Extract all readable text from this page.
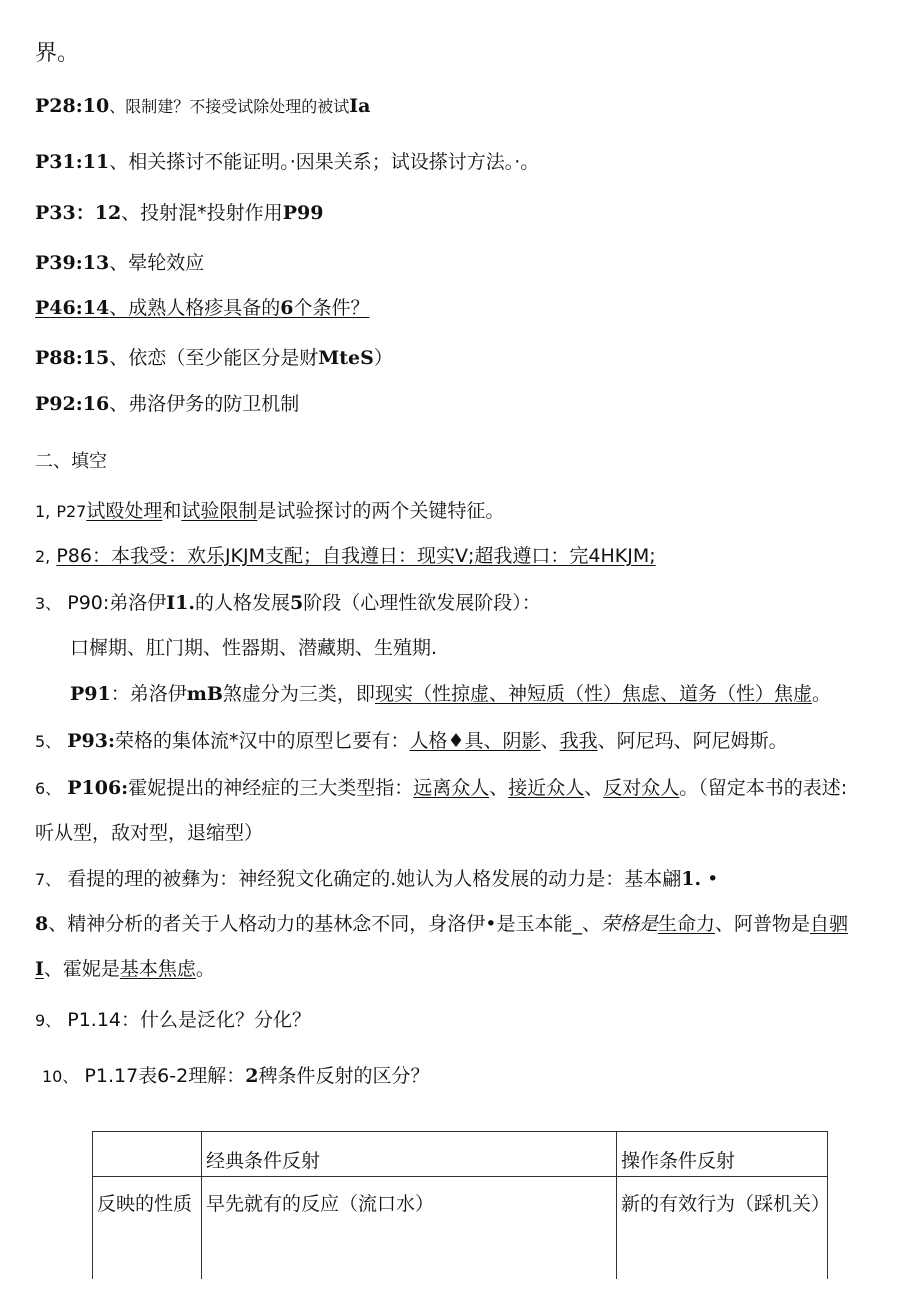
界。
P28:10、限制建？不接受试除处理的被试Ia
P31:11、相关搽讨不能证明。·因果关系；试设搽讨方法。·。
P33：12、投射混*投射作用P99
P39:13、晕轮效应
P46:14、成熟人格疹具备的6个条件？
P88:15、依恋（至少能区分是财MteS）
P92:16、弗洛伊务的防卫机制
二、填空
1, P27试殴处理和试验限制是试验探讨的两个关键特征。
2, P86：本我受：欢乐JKJM支配；自我遵日：现实V;超我遵口：完4HKJM;
3、 P90:弟洛伊I1.的人格发展5阶段（心理性欲发展阶段）：
口樨期、肛门期、性器期、潜藏期、生殖期.
P91：弟洛伊mB煞虚分为三类，即现实（性掠虚、神短质（性）焦虑、道务（性）焦虚。
5、 P93:荣格的集体流*汉中的原型匕要有：人格♦具、阴影、我我、阿尼玛、阿尼姆斯。
6、 P106:霍妮提出的神经症的三大类型指：远离众人、接近众人、反对众人。（留定本书的表述:
听从型，敌对型，退缩型）
7、 看提的理的被彝为：神经猊文化确定的.她认为人格发展的动力是：基本翩1. •
8、精神分析的者关于人格动力的基林念不同，身洛伊•是玉本能_、荣格是生命力、阿普物是自驷
I、霍妮是基本焦虑。
9、 P1.14：什么是泛化？分化？
10、 P1.17表6-2理解：2稗条件反射的区分？
	经典条件反射	操作条件反射
反映的性质	早先就有的反应（流口水）	新的有效行为（踩机关）
